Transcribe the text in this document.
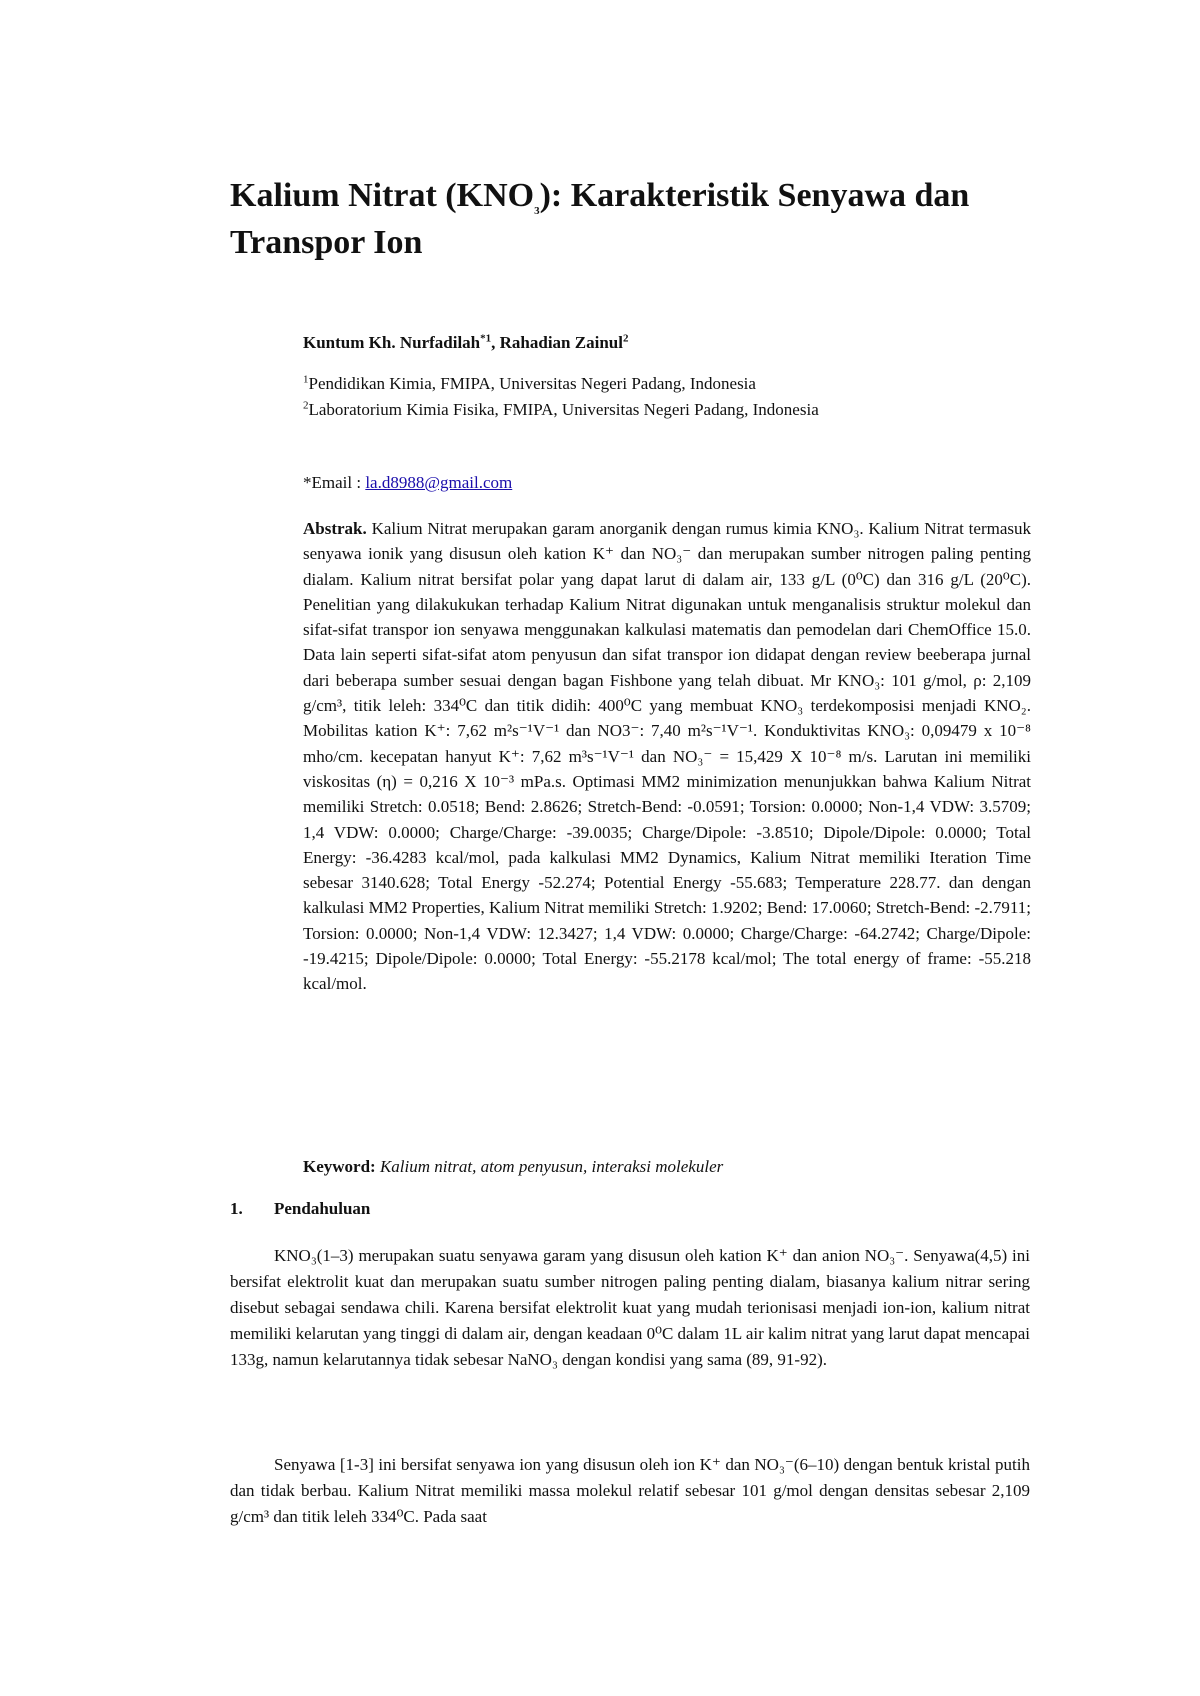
Kalium Nitrat $(KNO_3)$: Karakteristik Senyawa dan Transpor Ion
Kuntum Kh. Nurfadilah$^{*1}$, Rahadian Zainul$^2$
$^1$Pendidikan Kimia, FMIPA, Universitas Negeri Padang, Indonesia
$^2$Laboratorium Kimia Fisika, FMIPA, Universitas Negeri Padang, Indonesia
*Email : la.d8988@gmail.com

Abstrak. Kalium Nitrat merupakan garam anorganik dengan rumus kimia KNO₃. Kalium Nitrat termasuk senyawa ionik yang disusun oleh kation K⁺ dan NO₃⁻ dan merupakan sumber nitrogen paling penting dialam. Kalium nitrat bersifat polar yang dapat larut di dalam air, 133 g/L (0⁰C) dan 316 g/L (20⁰C). Penelitian yang dilakukukan terhadap Kalium Nitrat digunakan untuk menganalisis struktur molekul dan sifat-sifat transpor ion senyawa menggunakan kalkulasi matematis dan pemodelan dari ChemOffice 15.0. Data lain seperti sifat-sifat atom penyusun dan sifat transpor ion didapat dengan review beeberapa jurnal dari beberapa sumber sesuai dengan bagan Fishbone yang telah dibuat. Mr KNO₃: 101 g/mol, ρ: 2,109 g/cm³, titik leleh: 334⁰C dan titik didih: 400⁰C yang membuat KNO₃ terdekomposisi menjadi KNO₂. Mobilitas kation K⁺: 7,62 m²s⁻¹V⁻¹ dan NO3⁻: 7,40 m²s⁻¹V⁻¹. Konduktivitas KNO₃: 0,09479 x 10⁻⁸ mho/cm. kecepatan hanyut K⁺: 7,62 m³s⁻¹V⁻¹ dan NO₃⁻ = 15,429 X 10⁻⁸ m/s. Larutan ini memiliki viskositas (η) = 0,216 X 10⁻³ mPa.s. Optimasi MM2 minimization menunjukkan bahwa Kalium Nitrat memiliki Stretch: 0.0518; Bend: 2.8626; Stretch-Bend: -0.0591; Torsion: 0.0000; Non-1,4 VDW: 3.5709; 1,4 VDW: 0.0000; Charge/Charge: -39.0035; Charge/Dipole: -3.8510; Dipole/Dipole: 0.0000; Total Energy: -36.4283 kcal/mol, pada kalkulasi MM2 Dynamics, Kalium Nitrat memiliki Iteration Time sebesar 3140.628; Total Energy -52.274; Potential Energy -55.683; Temperature 228.77. dan dengan kalkulasi MM2 Properties, Kalium Nitrat memiliki Stretch: 1.9202; Bend: 17.0060; Stretch-Bend: -2.7911; Torsion: 0.0000; Non-1,4 VDW: 12.3427; 1,4 VDW: 0.0000; Charge/Charge: -64.2742; Charge/Dipole: -19.4215; Dipole/Dipole: 0.0000; Total Energy: -55.2178 kcal/mol; The total energy of frame: -55.218 kcal/mol.

Keyword: Kalium nitrat, atom penyusun, interaksi molekuler
1. Pendahuluan

KNO₃(1–3) merupakan suatu senyawa garam yang disusun oleh kation K⁺ dan anion NO₃⁻. Senyawa(4,5) ini bersifat elektrolit kuat dan merupakan suatu sumber nitrogen paling penting dialam, biasanya kalium nitrar sering disebut sebagai sendawa chili. Karena bersifat elektrolit kuat yang mudah terionisasi menjadi ion-ion, kalium nitrat memiliki kelarutan yang tinggi di dalam air, dengan keadaan 0⁰C dalam 1L air kalim nitrat yang larut dapat mencapai 133g, namun kelarutannya tidak sebesar NaNO₃ dengan kondisi yang sama (89, 91-92).

Senyawa [1-3] ini bersifat senyawa ion yang disusun oleh ion K⁺ dan NO₃⁻(6–10) dengan bentuk kristal putih dan tidak berbau. Kalium Nitrat memiliki massa molekul relatif sebesar 101 g/mol dengan densitas sebesar 2,109 g/cm³ dan titik leleh 334⁰C. Pada saat
